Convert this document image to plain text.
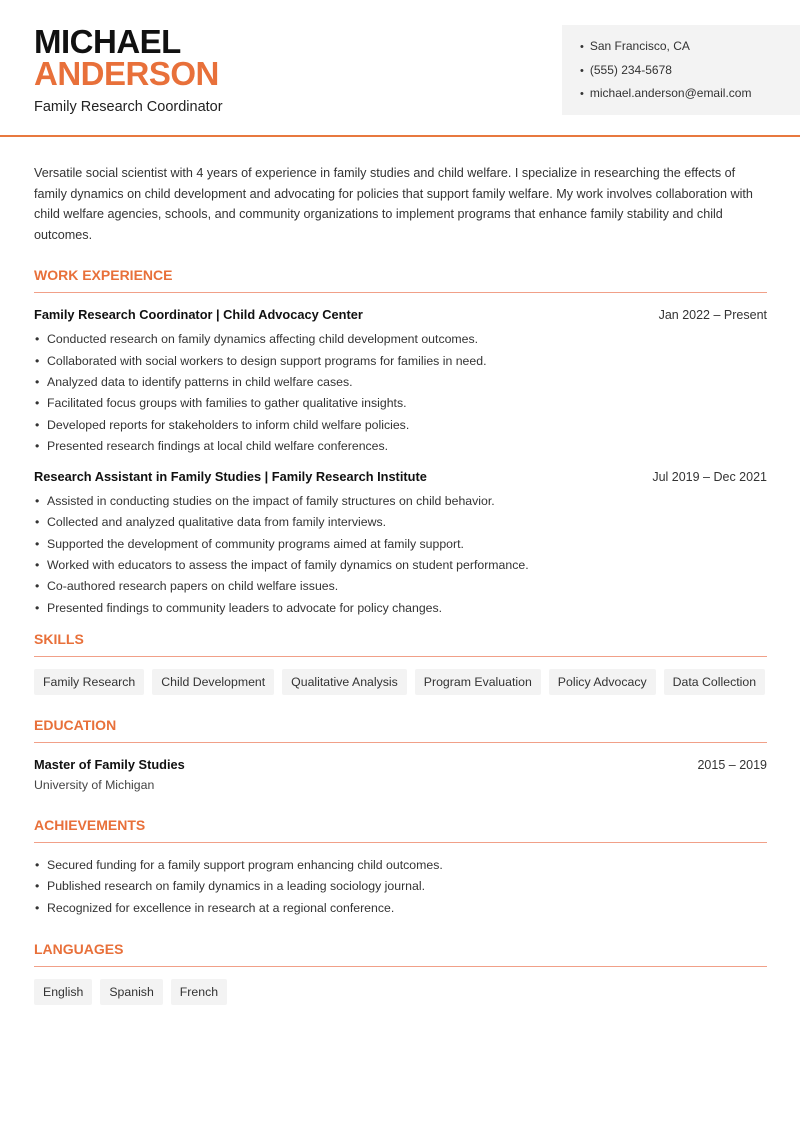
MICHAEL
ANDERSON
Family Research Coordinator
• San Francisco, CA
• (555) 234-5678
• michael.anderson@email.com

Versatile social scientist with 4 years of experience in family studies and child welfare. I specialize in researching the effects of family dynamics on child development and advocating for policies that support family welfare. My work involves collaboration with child welfare agencies, schools, and community organizations to implement programs that enhance family stability and child outcomes.

WORK EXPERIENCE
Family Research Coordinator | Child Advocacy Center	Jan 2022 – Present
• Conducted research on family dynamics affecting child development outcomes.
• Collaborated with social workers to design support programs for families in need.
• Analyzed data to identify patterns in child welfare cases.
• Facilitated focus groups with families to gather qualitative insights.
• Developed reports for stakeholders to inform child welfare policies.
• Presented research findings at local child welfare conferences.
Research Assistant in Family Studies | Family Research Institute	Jul 2019 – Dec 2021
• Assisted in conducting studies on the impact of family structures on child behavior.
• Collected and analyzed qualitative data from family interviews.
• Supported the development of community programs aimed at family support.
• Worked with educators to assess the impact of family dynamics on student performance.
• Co-authored research papers on child welfare issues.
• Presented findings to community leaders to advocate for policy changes.
SKILLS
Family Research	Child Development	Qualitative Analysis	Program Evaluation	Policy Advocacy	Data Collection
EDUCATION
Master of Family Studies	2015 – 2019
University of Michigan
ACHIEVEMENTS
• Secured funding for a family support program enhancing child outcomes.
• Published research on family dynamics in a leading sociology journal.
• Recognized for excellence in research at a regional conference.
LANGUAGES
English	Spanish	French
